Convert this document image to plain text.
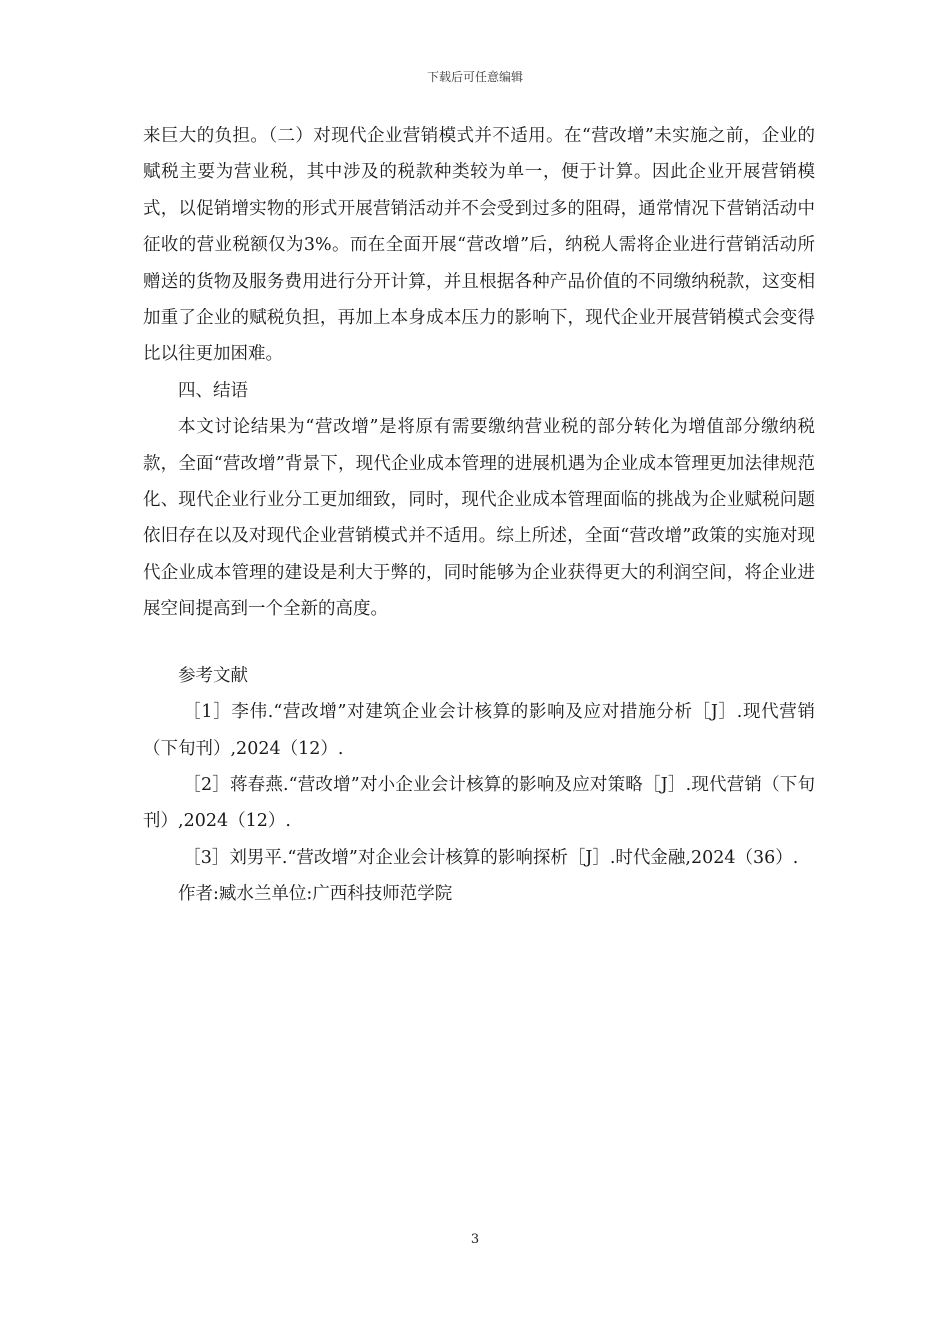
下载后可任意编辑

来巨大的负担。（二）对现代企业营销模式并不适用。在“营改增”未实施之前，企业的赋税主要为营业税，其中涉及的税款种类较为单一，便于计算。因此企业开展营销模式，以促销增实物的形式开展营销活动并不会受到过多的阻碍，通常情况下营销活动中征收的营业税额仅为3%。而在全面开展“营改增”后，纳税人需将企业进行营销活动所赠送的货物及服务费用进行分开计算，并且根据各种产品价值的不同缴纳税款，这变相加重了企业的赋税负担，再加上本身成本压力的影响下，现代企业开展营销模式会变得比以往更加困难。

四、结语

本文讨论结果为“营改增”是将原有需要缴纳营业税的部分转化为增值部分缴纳税款，全面“营改增”背景下，现代企业成本管理的进展机遇为企业成本管理更加法律规范化、现代企业行业分工更加细致，同时，现代企业成本管理面临的挑战为企业赋税问题依旧存在以及对现代企业营销模式并不适用。综上所述，全面“营改增”政策的实施对现代企业成本管理的建设是利大于弊的，同时能够为企业获得更大的利润空间，将企业进展空间提高到一个全新的高度。

参考文献

［1］李伟.“营改增”对建筑企业会计核算的影响及应对措施分析［J］.现代营销（下旬刊）,2024（12）.

［2］蒋春燕.“营改增”对小企业会计核算的影响及应对策略［J］.现代营销（下旬刊）,2024（12）.

［3］刘男平.“营改增”对企业会计核算的影响探析［J］.时代金融,2024（36）.

作者:臧水兰单位:广西科技师范学院

3
